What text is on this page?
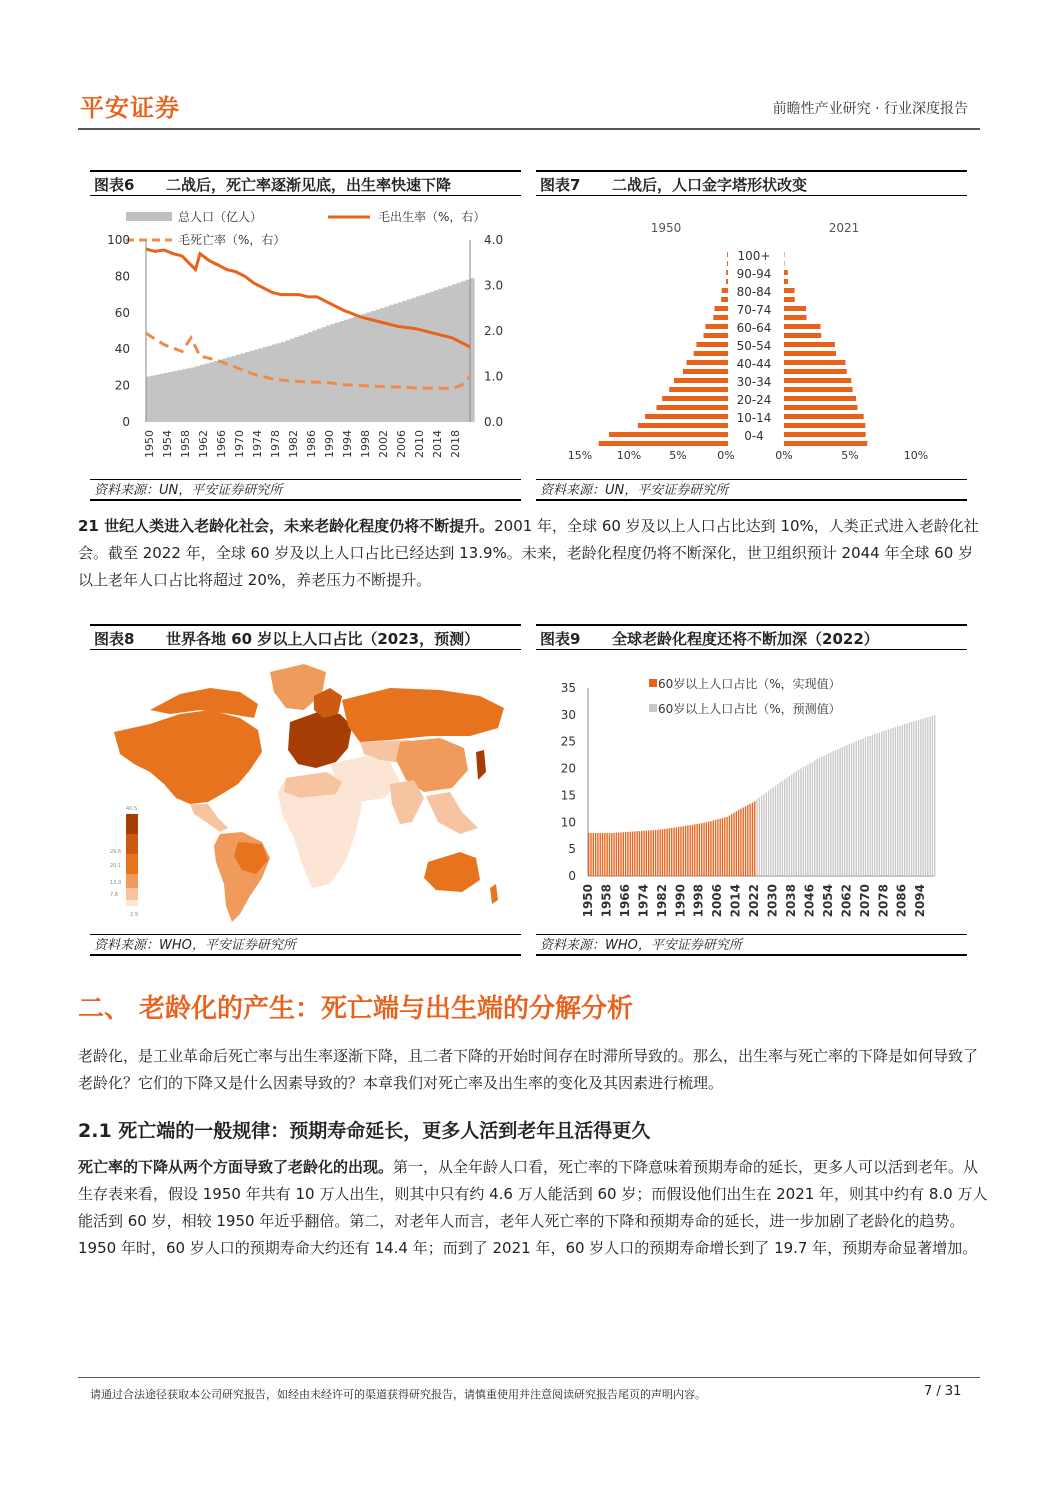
平安证券	前瞻性产业研究 · 行业深度报告
图表6 二战后，死亡率逐渐见底，出生率快速下降
总人口（亿人）	毛出生率（%，右）
毛死亡率（%，右）
0
20
40
60
80
100
0.0
1.0
2.0
3.0
4.0
1950 1954 1958 1962 1966 1970 1974 1978 1982 1986 1990 1994 1998 2002 2006 2010 2014 2018
资料来源：UN，平安证券研究所
图表7 二战后，人口金字塔形状改变
1950	2021
100+
90-94
80-84
70-74
60-64
50-54
40-44
30-34
20-24
10-14
0-4
15% 10%	5%	0%	0%	5%	10%
资料来源：UN，平安证券研究所
21 世纪人类进入老龄化社会，未来老龄化程度仍将不断提升。2001 年，全球 60 岁及以上人口占比达到 10%，人类正式进入老龄化社会。截至 2022 年，全球 60 岁及以上人口占比已经达到 13.9%。未来，老龄化程度仍将不断深化，世卫组织预计 2044 年全球 60 岁以上老年人口占比将超过 20%，养老压力不断提升。
图表8 世界各地 60 岁以上人口占比（2023，预测）
40.5
29.6
20.1
13.0
7.8
2.9
资料来源：WHO，平安证券研究所
图表9 全球老龄化程度还将不断加深（2022）
60岁以上人口占比（%，实现值）
60岁以上人口占比（%，预测值）
0
5
10
15
20
25
30
35
1950 1958 1966 1974 1982 1990 1998 2006 2014 2022 2030 2038 2046 2054 2062 2070 2078 2086 2094
资料来源：WHO，平安证券研究所
二、 老龄化的产生：死亡端与出生端的分解分析
老龄化，是工业革命后死亡率与出生率逐渐下降，且二者下降的开始时间存在时滞所导致的。那么，出生率与死亡率的下降是如何导致了老龄化？它们的下降又是什么因素导致的？本章我们对死亡率及出生率的变化及其因素进行梳理。
2.1 死亡端的一般规律：预期寿命延长，更多人活到老年且活得更久
死亡率的下降从两个方面导致了老龄化的出现。第一，从全年龄人口看，死亡率的下降意味着预期寿命的延长，更多人可以活到老年。从生存表来看，假设 1950 年共有 10 万人出生，则其中只有约 4.6 万人能活到 60 岁；而假设他们出生在 2021 年，则其中约有 8.0 万人能活到 60 岁，相较 1950 年近乎翻倍。第二，对老年人而言，老年人死亡率的下降和预期寿命的延长，进一步加剧了老龄化的趋势。1950 年时，60 岁人口的预期寿命大约还有 14.4 年；而到了 2021 年，60 岁人口的预期寿命增长到了 19.7 年，预期寿命显著增加。
请通过合法途径获取本公司研究报告，如经由未经许可的渠道获得研究报告，请慎重使用并注意阅读研究报告尾页的声明内容。	7 / 31
